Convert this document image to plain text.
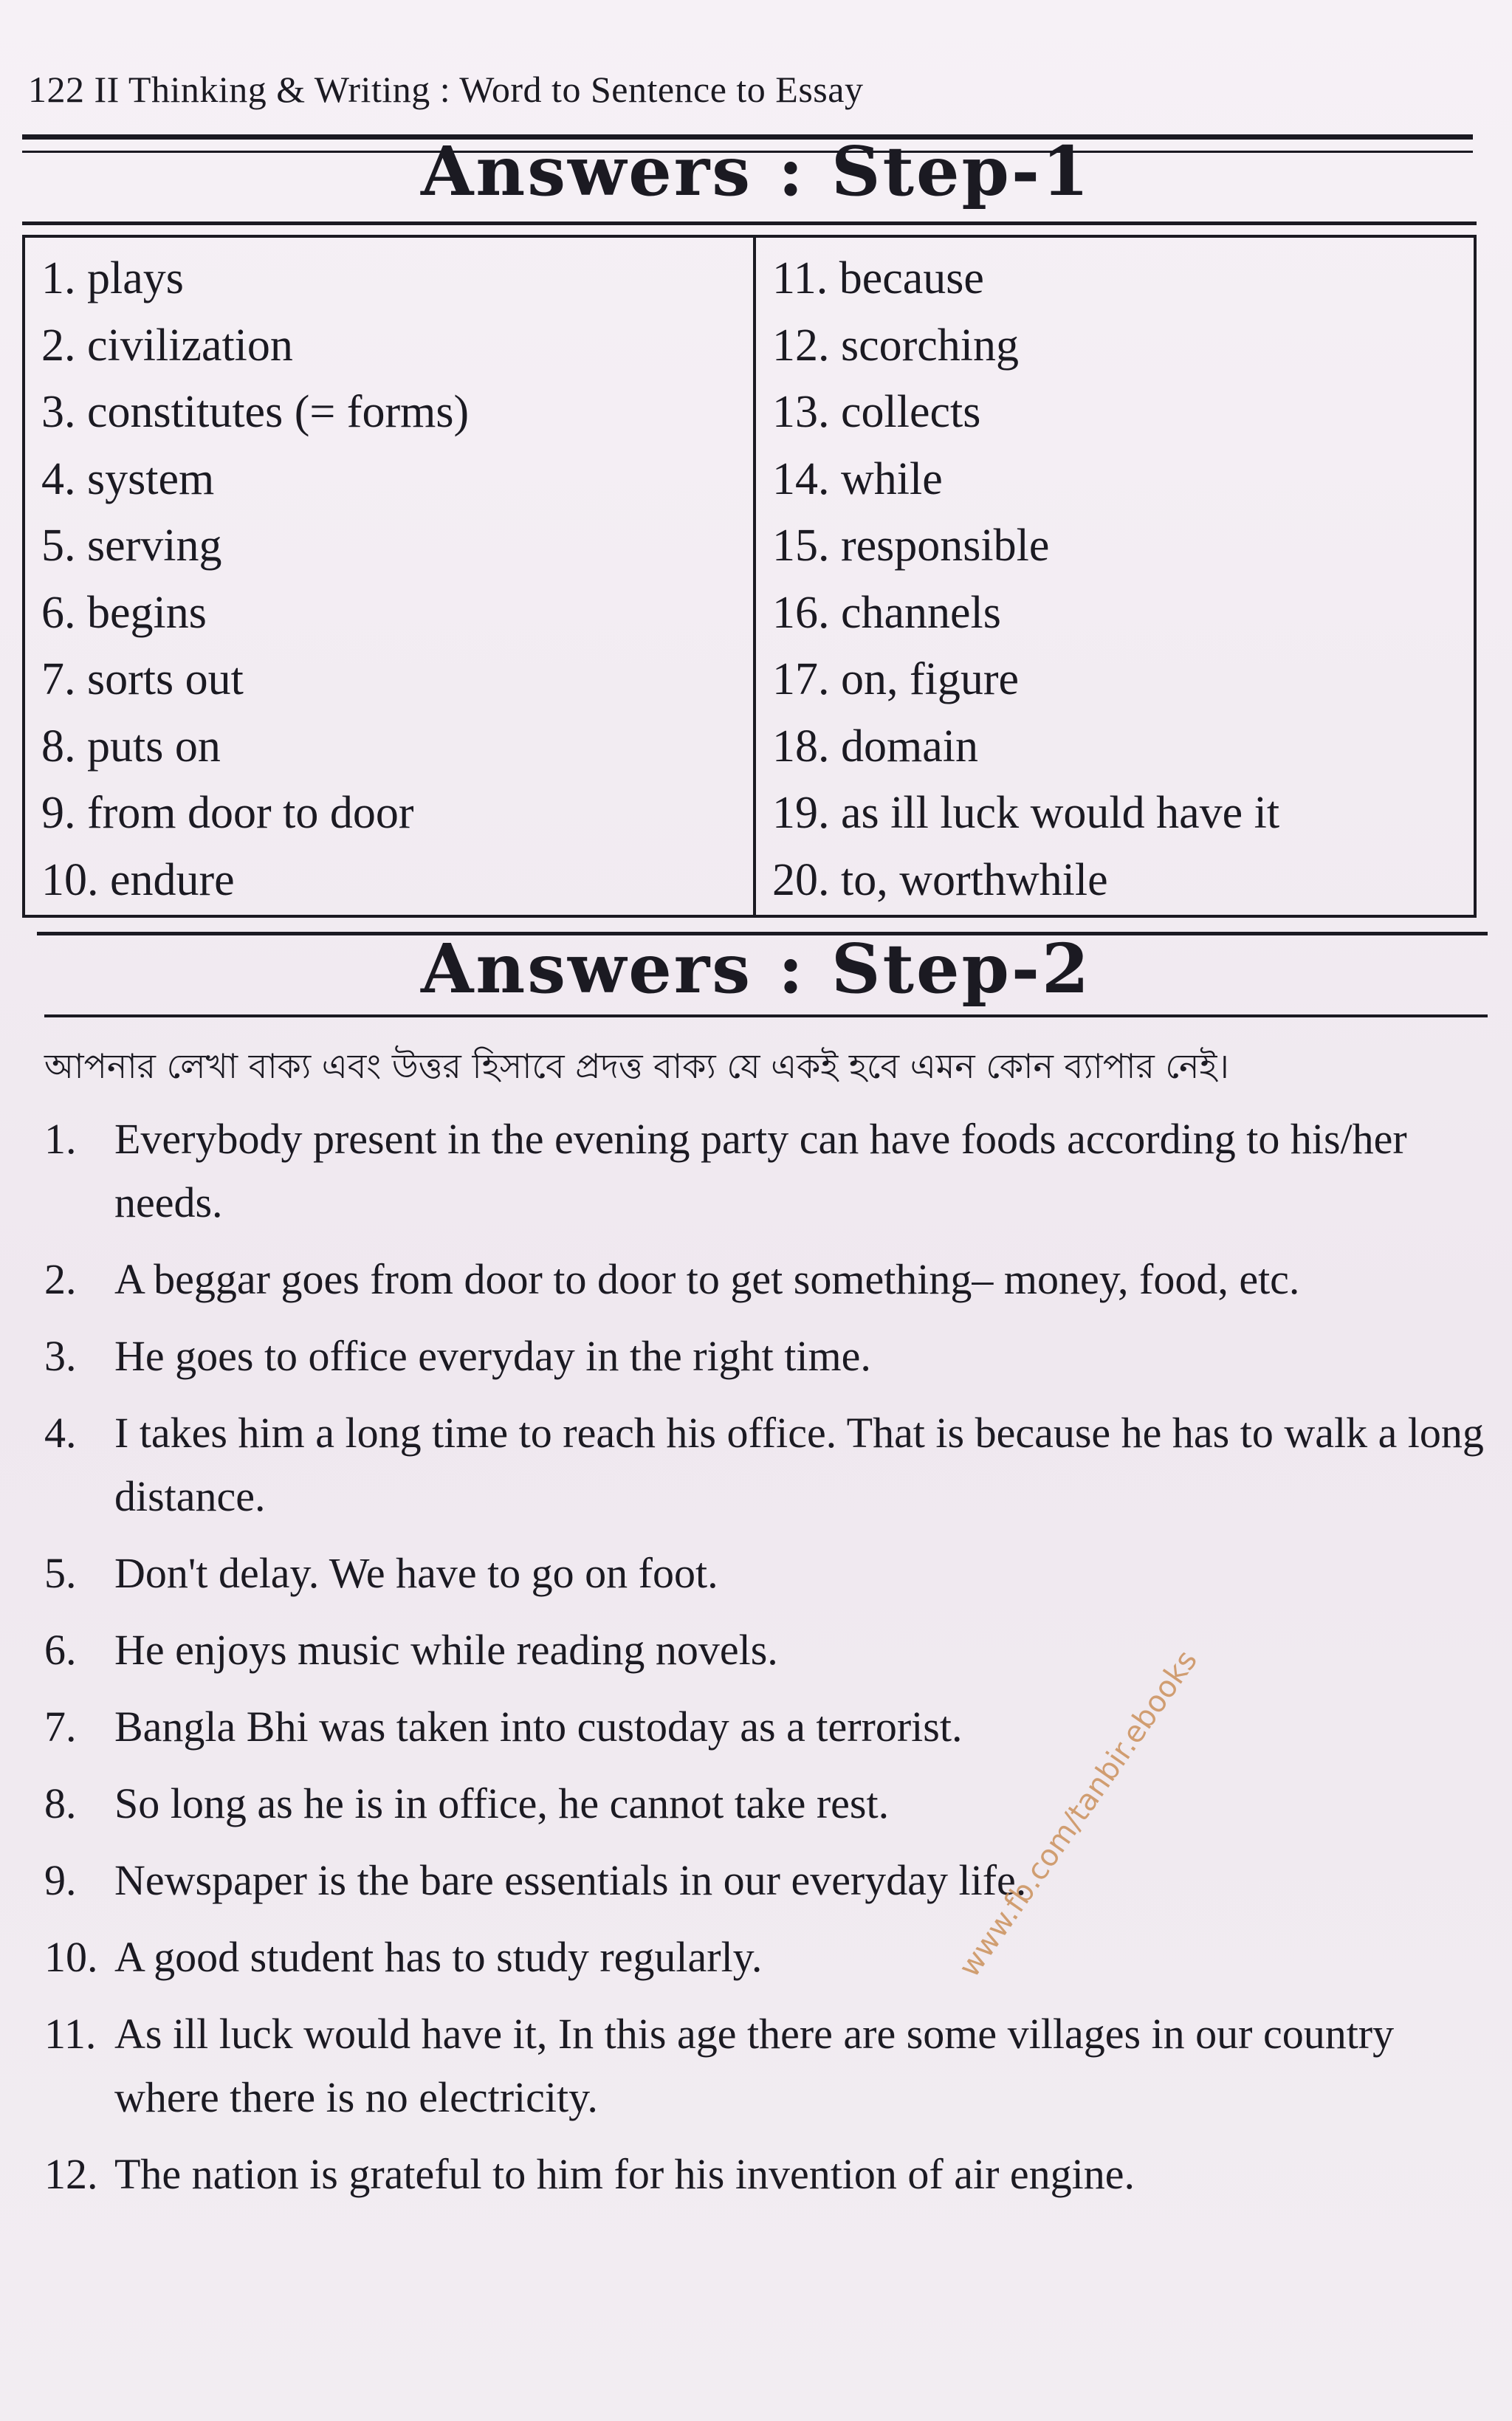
122 II Thinking & Writing : Word to Sentence to Essay
Answers : Step-1
1. plays
2. civilization
3. constitutes (= forms)
4. system
5. serving
6. begins
7. sorts out
8. puts on
9. from door to door
10. endure
11. because
12. scorching
13. collects
14. while
15. responsible
16. channels
17. on, figure
18. domain
19. as ill luck would have it
20. to, worthwhile
Answers : Step-2
আপনার লেখা বাক্য এবং উত্তর হিসাবে প্রদত্ত বাক্য যে একই হবে এমন কোন ব্যাপার নেই।
1. Everybody present in the evening party can have foods according to his/her needs.
2. A beggar goes from door to door to get something– money, food, etc.
3. He goes to office everyday in the right time.
4. I takes him a long time to reach his office. That is because he has to walk a long distance.
5. Don't delay. We have to go on foot.
6. He enjoys music while reading novels.
7. Bangla Bhi was taken into custoday as a terrorist.
8. So long as he is in office, he cannot take rest.
9. Newspaper is the bare essentials in our everyday life.
10. A good student has to study regularly.
11. As ill luck would have it, In this age there are some villages in our country where there is no electricity.
12. The nation is grateful to him for his invention of air engine.
www.fb.com/tanbir.ebooks
